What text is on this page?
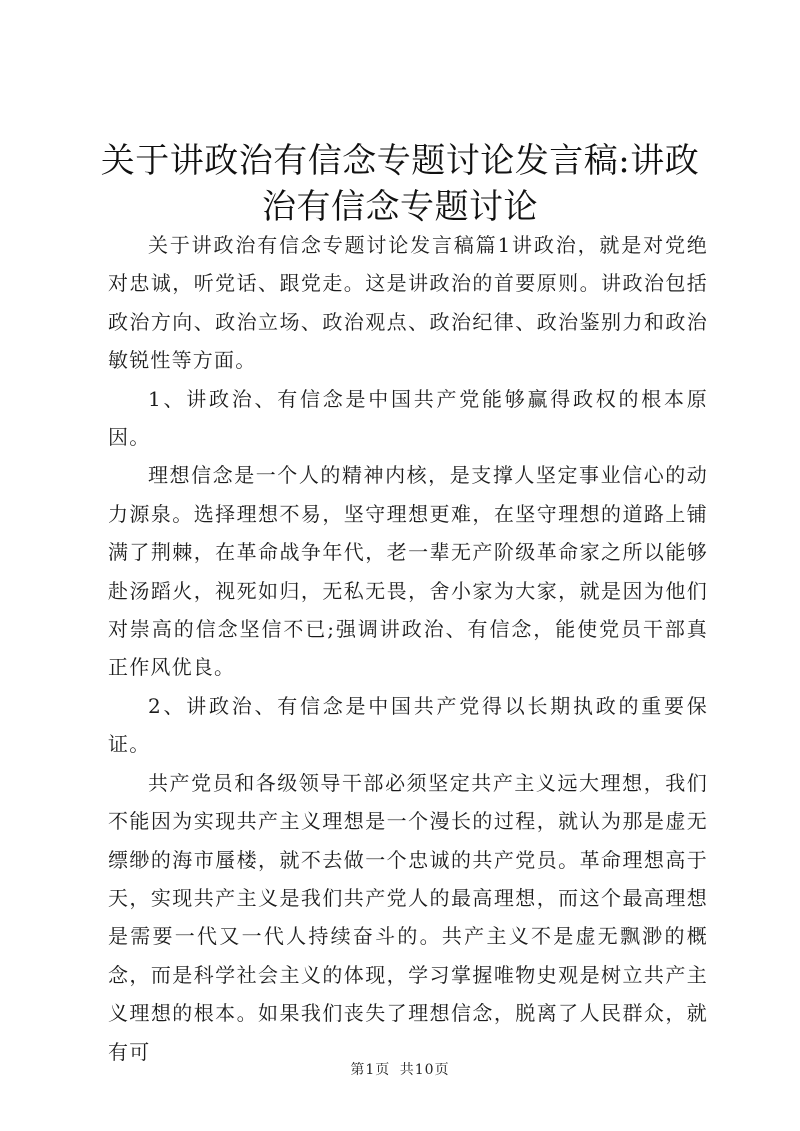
关于讲政治有信念专题讨论发言稿:讲政治有信念专题讨论

关于讲政治有信念专题讨论发言稿篇1讲政治，就是对党绝对忠诚，听党话、跟党走。这是讲政治的首要原则。讲政治包括政治方向、政治立场、政治观点、政治纪律、政治鉴别力和政治敏锐性等方面。

1、讲政治、有信念是中国共产党能够赢得政权的根本原因。

理想信念是一个人的精神内核，是支撑人坚定事业信心的动力源泉。选择理想不易，坚守理想更难，在坚守理想的道路上铺满了荆棘，在革命战争年代，老一辈无产阶级革命家之所以能够赴汤蹈火，视死如归，无私无畏，舍小家为大家，就是因为他们对崇高的信念坚信不已;强调讲政治、有信念，能使党员干部真正作风优良。

2、讲政治、有信念是中国共产党得以长期执政的重要保证。

共产党员和各级领导干部必须坚定共产主义远大理想，我们不能因为实现共产主义理想是一个漫长的过程，就认为那是虚无缥缈的海市蜃楼，就不去做一个忠诚的共产党员。革命理想高于天，实现共产主义是我们共产党人的最高理想，而这个最高理想是需要一代又一代人持续奋斗的。共产主义不是虚无飘渺的概念，而是科学社会主义的体现，学习掌握唯物史观是树立共产主义理想的根本。如果我们丧失了理想信念，脱离了人民群众，就有可

第1页 共10页
